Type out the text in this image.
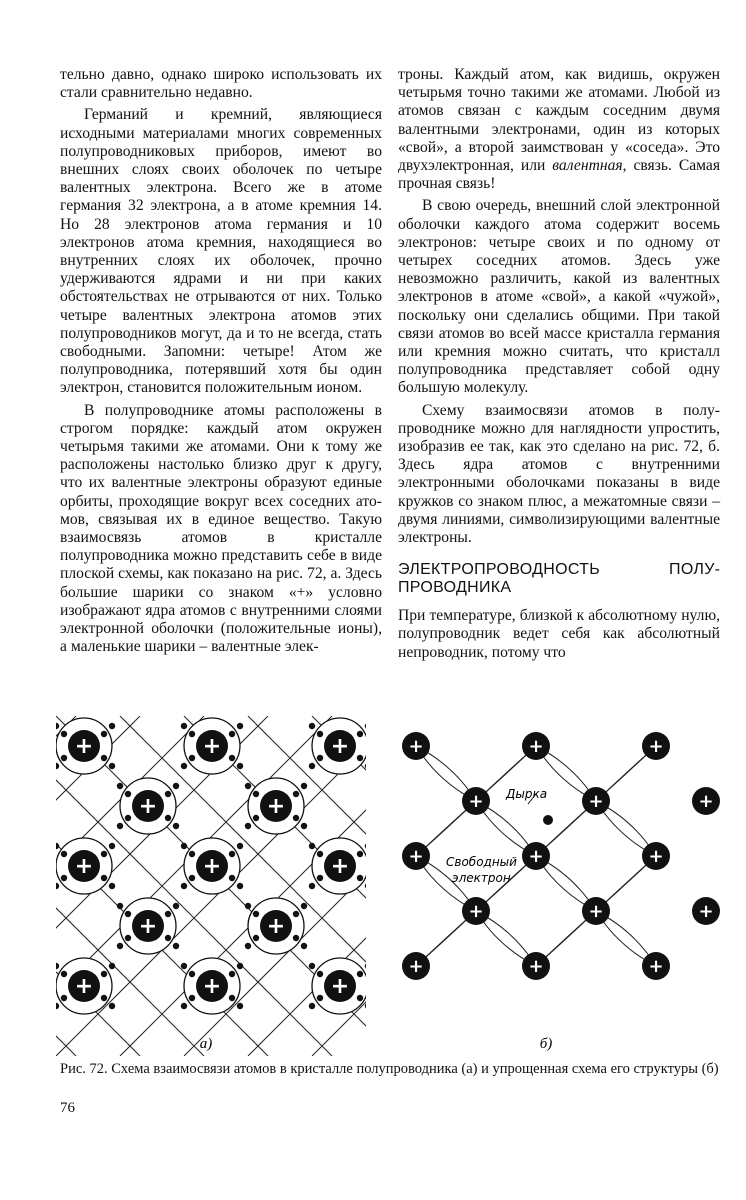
тельно давно, однако широко использовать их стали сравнительно недавно.

Германий и кремний, являющиеся исходными материалами многих современных полупроводниковых приборов, имеют во внешних слоях своих оболочек по четыре валентных электрона. Всего же в атоме германия 32 электрона, а в атоме кремния 14. Но 28 электронов атома германия и 10 электронов атома кремния, находящиеся во внутренних слоях их оболочек, прочно удерживаются ядрами и ни при каких обстоятельствах не отрываются от них. Только четыре валентных электрона атомов этих полупроводников могут, да и то не всегда, стать свободными. Запомни: четыре! Атом же полупроводника, потерявший хотя бы один электрон, становится положительным ионом.

В полупроводнике атомы расположены в строгом порядке: каждый атом окружен четырьмя такими же атомами. Они к тому же расположены настолько близко друг к другу, что их валентные электроны образуют единые орбиты, проходящие вокруг всех соседних атомов, связывая их в единое вещество. Такую взаимосвязь атомов в кристалле полупроводника можно представить себе в виде плоской схемы, как показано на рис. 72, а. Здесь большие шарики со знаком «+» условно изображают ядра атомов с внутренними слоями электронной оболочки (положительные ионы), а маленькие шарики – валентные элек-

троны. Каждый атом, как видишь, окружен четырьмя точно такими же атомами. Любой из атомов связан с каждым соседним двумя валентными электронами, один из которых «свой», а второй заимствован у «соседа». Это двухэлектронная, или валентная, связь. Самая прочная связь!

В свою очередь, внешний слой электронной оболочки каждого атома содержит восемь электронов: четыре своих и по одному от четырех соседних атомов. Здесь уже невозможно различить, какой из валентных электронов в атоме «свой», а какой «чужой», поскольку они сделались общими. При такой связи атомов во всей массе кристалла германия или кремния можно считать, что кристалл полупроводника представляет собой одну большую молекулу.

Схему взаимосвязи атомов в полупроводнике можно для наглядности упростить, изобразив ее так, как это сделано на рис. 72, б. Здесь ядра атомов с внутренними электронными оболочками показаны в виде кружков со знаком плюс, а межатомные связи – двумя линиями, символизирующими валентные электроны.

ЭЛЕКТРОПРОВОДНОСТЬ ПОЛУПРОВОДНИКА

При температуре, близкой к абсолютному нулю, полупроводник ведет себя как абсолютный непроводник, потому что

+	+	+
+	+
+	+	+
+	+
+	+	+
а)
+	+	+
+	+	+
+	+	+
+	+	+
+	+	+
Дырка
Свободный
электрон
б)
Рис. 72. Схема взаимосвязи атомов в кристалле полупроводника (а) и упрощенная схема его структуры (б)
76
